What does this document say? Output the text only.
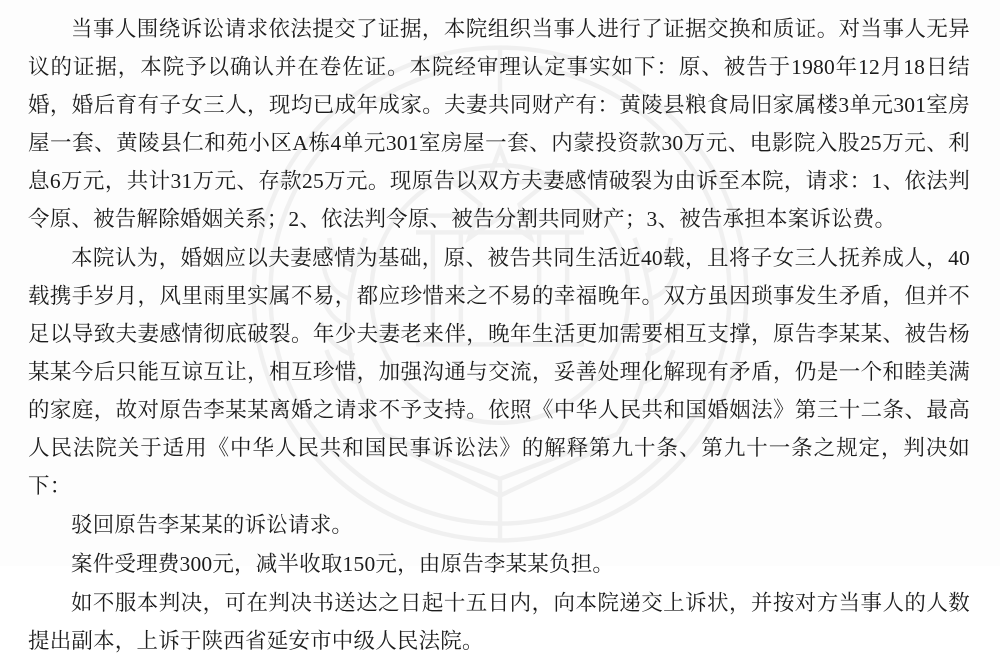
当事人围绕诉讼请求依法提交了证据，本院组织当事人进行了证据交换和质证。对当事人无异议的证据，本院予以确认并在卷佐证。本院经审理认定事实如下：原、被告于1980年12月18日结婚，婚后育有子女三人，现均已成年成家。夫妻共同财产有：黄陵县粮食局旧家属楼3单元301室房屋一套、黄陵县仁和苑小区A栋4单元301室房屋一套、内蒙投资款30万元、电影院入股25万元、利息6万元，共计31万元、存款25万元。现原告以双方夫妻感情破裂为由诉至本院，请求：1、依法判令原、被告解除婚姻关系；2、依法判令原、被告分割共同财产；3、被告承担本案诉讼费。

本院认为，婚姻应以夫妻感情为基础，原、被告共同生活近40载，且将子女三人抚养成人，40载携手岁月，风里雨里实属不易，都应珍惜来之不易的幸福晚年。双方虽因琐事发生矛盾，但并不足以导致夫妻感情彻底破裂。年少夫妻老来伴，晚年生活更加需要相互支撑，原告李某某、被告杨某某今后只能互谅互让，相互珍惜，加强沟通与交流，妥善处理化解现有矛盾，仍是一个和睦美满的家庭，故对原告李某某离婚之请求不予支持。依照《中华人民共和国婚姻法》第三十二条、最高人民法院关于适用《中华人民共和国民事诉讼法》的解释第九十条、第九十一条之规定，判决如下：

驳回原告李某某的诉讼请求。

案件受理费300元，减半收取150元，由原告李某某负担。

如不服本判决，可在判决书送达之日起十五日内，向本院递交上诉状，并按对方当事人的人数提出副本，上诉于陕西省延安市中级人民法院。
